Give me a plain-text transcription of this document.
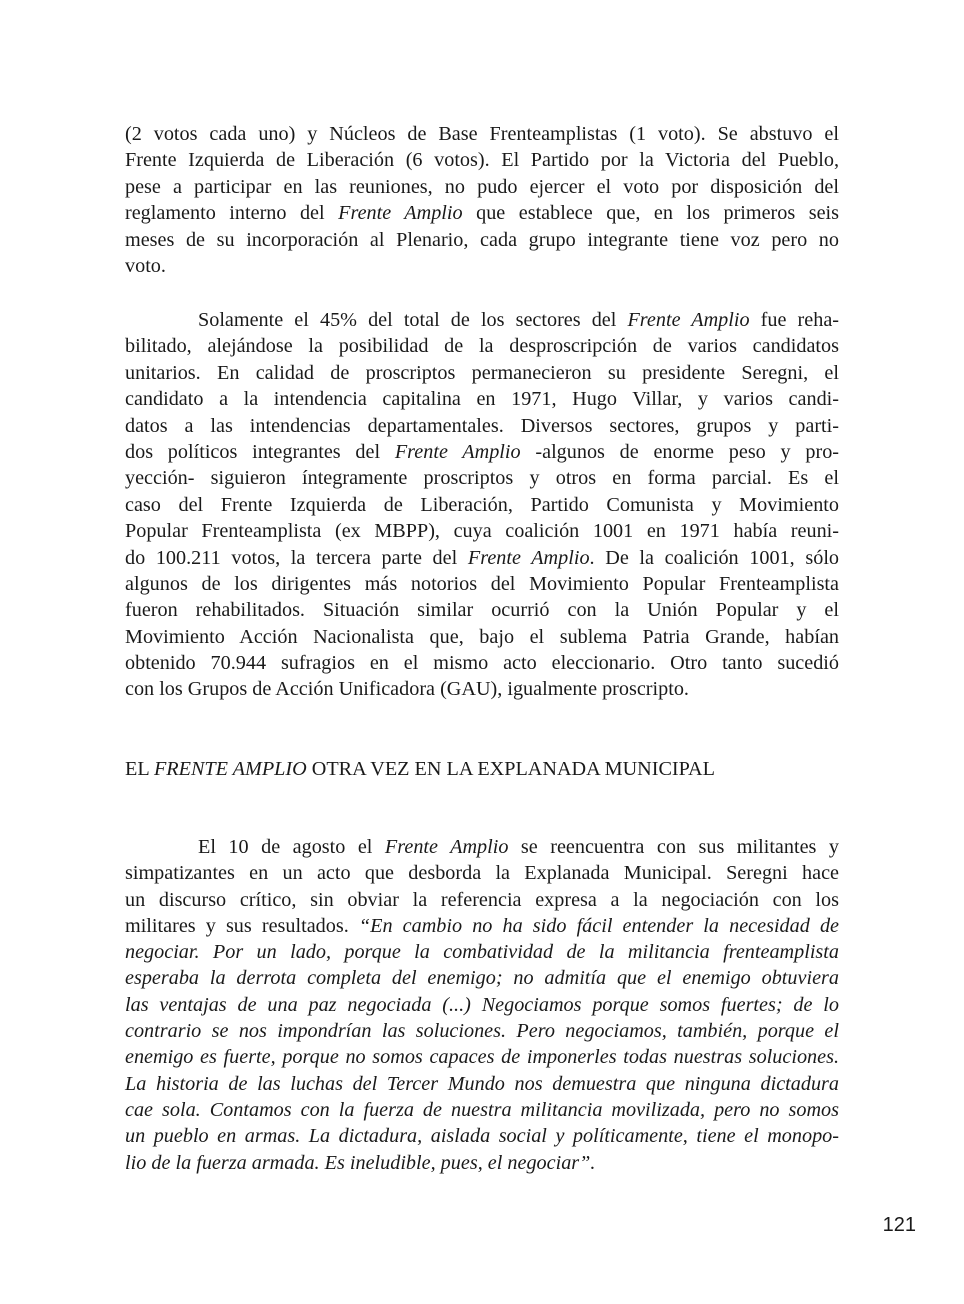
(2 votos cada uno) y Núcleos de Base Frenteamplistas (1 voto). Se abstuvo el
Frente Izquierda de Liberación (6 votos). El Partido por la Victoria del Pueblo,
pese a participar en las reuniones, no pudo ejercer el voto por disposición del
reglamento interno del Frente Amplio que establece que, en los primeros seis
meses de su incorporación al Plenario, cada grupo integrante tiene voz pero no
voto.
Solamente el 45% del total de los sectores del Frente Amplio fue reha-
bilitado, alejándose la posibilidad de la desproscripción de varios candidatos
unitarios. En calidad de proscriptos permanecieron su presidente Seregni, el
candidato a la intendencia capitalina en 1971, Hugo Villar, y varios candi-
datos a las intendencias departamentales. Diversos sectores, grupos y parti-
dos políticos integrantes del Frente Amplio -algunos de enorme peso y pro-
yección- siguieron íntegramente proscriptos y otros en forma parcial. Es el
caso del Frente Izquierda de Liberación, Partido Comunista y Movimiento
Popular Frenteamplista (ex MBPP), cuya coalición 1001 en 1971 había reuni-
do 100.211 votos, la tercera parte del Frente Amplio. De la coalición 1001, sólo
algunos de los dirigentes más notorios del Movimiento Popular Frenteamplista
fueron rehabilitados. Situación similar ocurrió con la Unión Popular y el
Movimiento Acción Nacionalista que, bajo el sublema Patria Grande, habían
obtenido 70.944 sufragios en el mismo acto eleccionario. Otro tanto sucedió
con los Grupos de Acción Unificadora (GAU), igualmente proscripto.
EL FRENTE AMPLIO OTRA VEZ EN LA EXPLANADA MUNICIPAL
El 10 de agosto el Frente Amplio se reencuentra con sus militantes y
simpatizantes en un acto que desborda la Explanada Municipal. Seregni hace
un discurso crítico, sin obviar la referencia expresa a la negociación con los
militares y sus resultados. “En cambio no ha sido fácil entender la necesidad de
negociar. Por un lado, porque la combatividad de la militancia frenteamplista
esperaba la derrota completa del enemigo; no admitía que el enemigo obtuviera
las ventajas de una paz negociada (...) Negociamos porque somos fuertes; de lo
contrario se nos impondrían las soluciones. Pero negociamos, también, porque el
enemigo es fuerte, porque no somos capaces de imponerles todas nuestras soluciones.
La historia de las luchas del Tercer Mundo nos demuestra que ninguna dictadura
cae sola. Contamos con la fuerza de nuestra militancia movilizada, pero no somos
un pueblo en armas. La dictadura, aislada social y políticamente, tiene el monopo-
lio de la fuerza armada. Es ineludible, pues, el negociar”.
121
